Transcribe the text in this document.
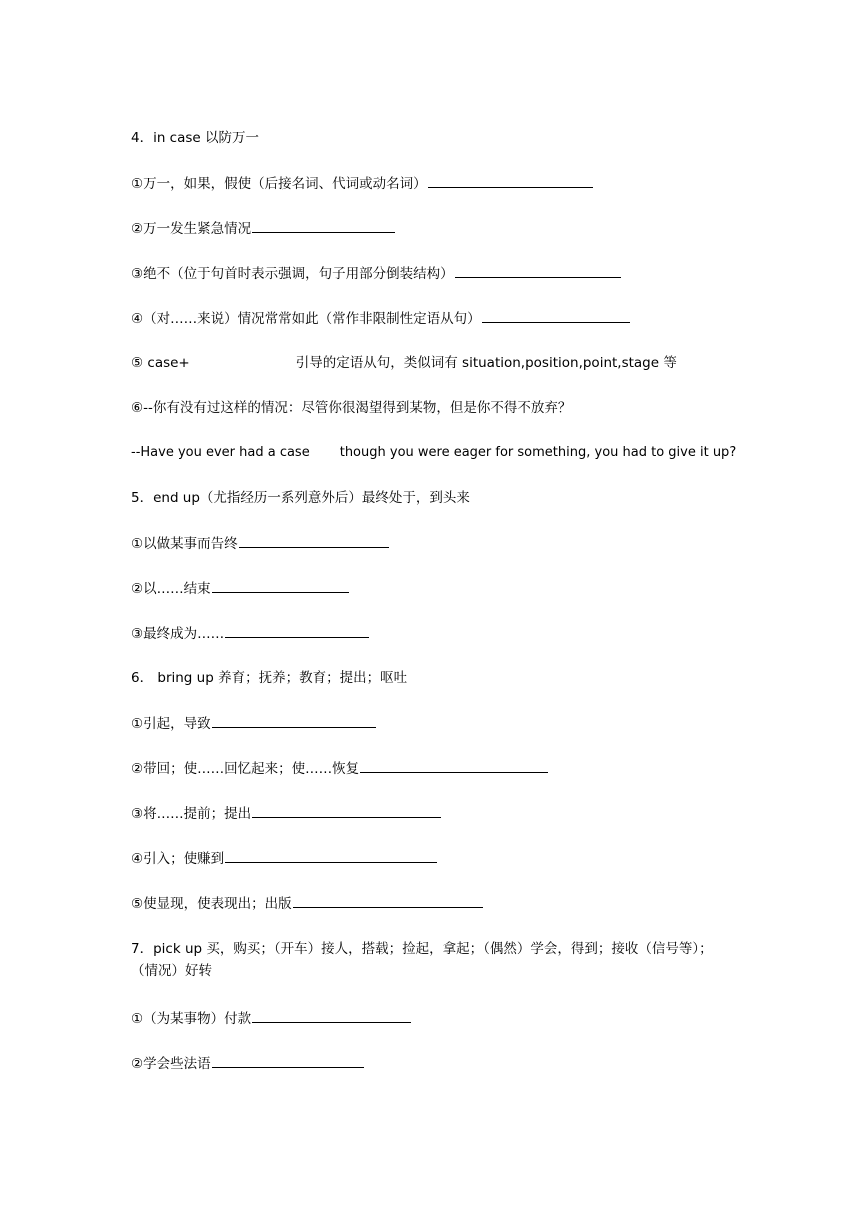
4．in case 以防万一
①万一，如果，假使（后接名词、代词或动名词）
②万一发生紧急情况
③绝不（位于句首时表示强调，句子用部分倒装结构）
④（对……来说）情况常常如此（常作非限制性定语从句）
⑤ case+	引导的定语从句，类似词有 situation,position,point,stage 等
⑥--你有没有过这样的情况：尽管你很渴望得到某物，但是你不得不放弃？
--Have you ever had a case though you were eager for something, you had to give it up?
5．end up（尤指经历一系列意外后）最终处于，到头来
①以做某事而告终
②以……结束
③最终成为……
6． bring up 养育；抚养；教育；提出；呕吐
①引起，导致
②带回；使……回忆起来；使……恢复
③将……提前；提出
④引入；使赚到
⑤使显现，使表现出；出版
7．pick up 买，购买；（开车）接人，搭载；捡起，拿起；（偶然）学会，得到；接收（信号等）；（情况）好转
①（为某事物）付款
②学会些法语
